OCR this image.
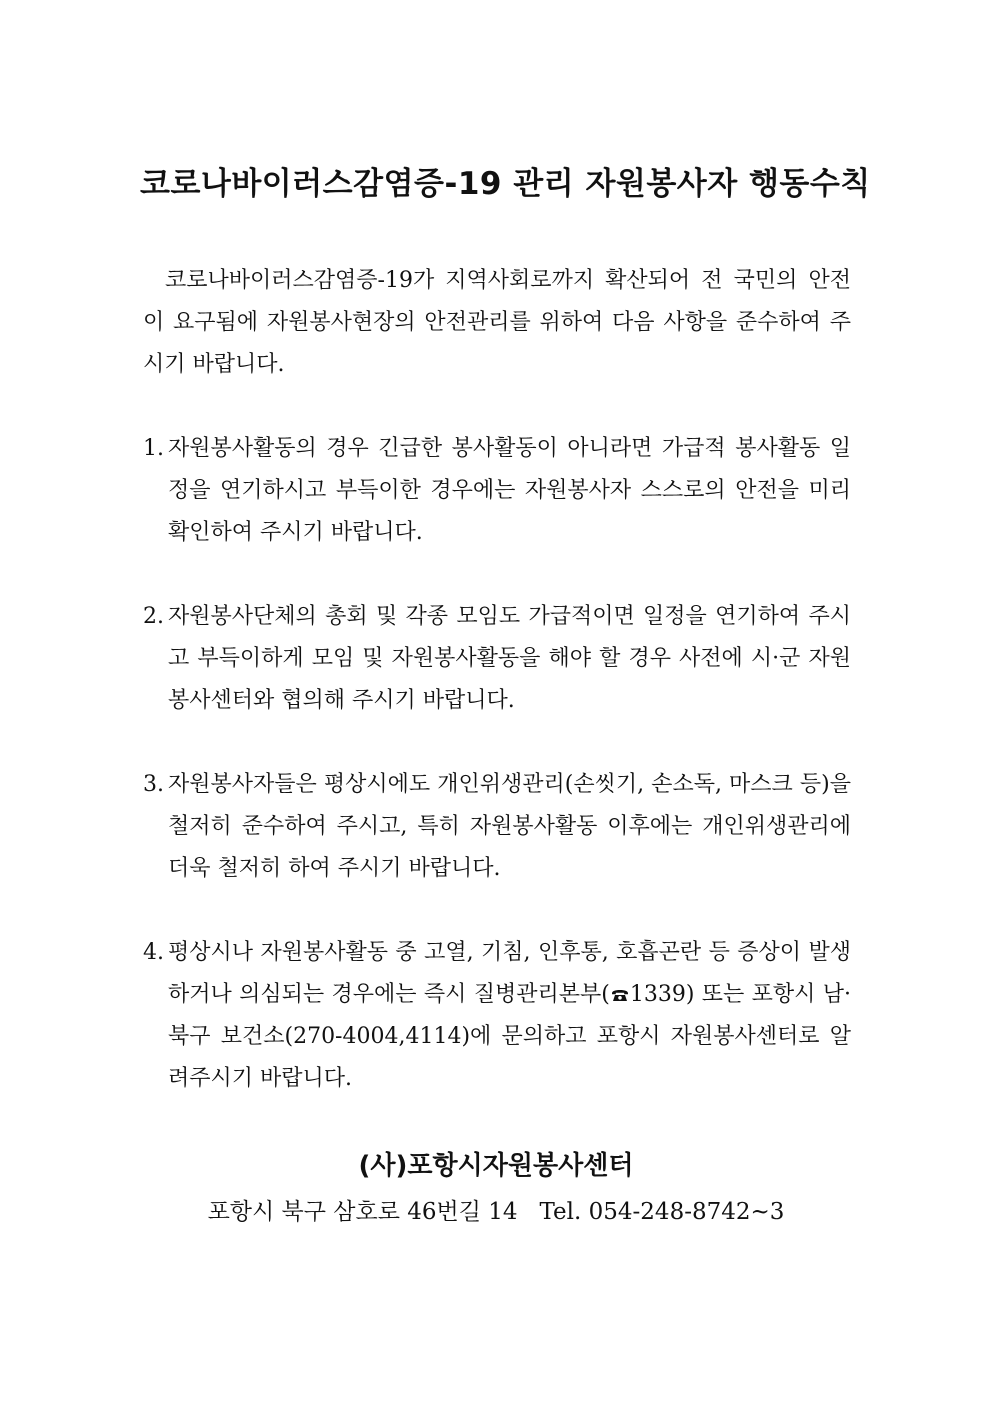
코로나바이러스감염증-19 관리 자원봉사자 행동수칙

코로나바이러스감염증-19가 지역사회로까지 확산되어 전 국민의 안전이 요구됨에 자원봉사현장의 안전관리를 위하여 다음 사항을 준수하여 주시기 바랍니다.

1. 자원봉사활동의 경우 긴급한 봉사활동이 아니라면 가급적 봉사활동 일정을 연기하시고 부득이한 경우에는 자원봉사자 스스로의 안전을 미리 확인하여 주시기 바랍니다.
2. 자원봉사단체의 총회 및 각종 모임도 가급적이면 일정을 연기하여 주시고 부득이하게 모임 및 자원봉사활동을 해야 할 경우 사전에 시·군 자원봉사센터와 협의해 주시기 바랍니다.
3. 자원봉사자들은 평상시에도 개인위생관리(손씻기, 손소독, 마스크 등)을 철저히 준수하여 주시고, 특히 자원봉사활동 이후에는 개인위생관리에 더욱 철저히 하여 주시기 바랍니다.
4. 평상시나 자원봉사활동 중 고열, 기침, 인후통, 호흡곤란 등 증상이 발생하거나 의심되는 경우에는 즉시 질병관리본부( 1339) 또는 포항시 남·북구 보건소(270-4004,4114)에 문의하고 포항시 자원봉사센터로 알려주시기 바랍니다.
(사)포항시자원봉사센터
포항시 북구 삼호로 46번길 14 Tel. 054-248-8742~3
